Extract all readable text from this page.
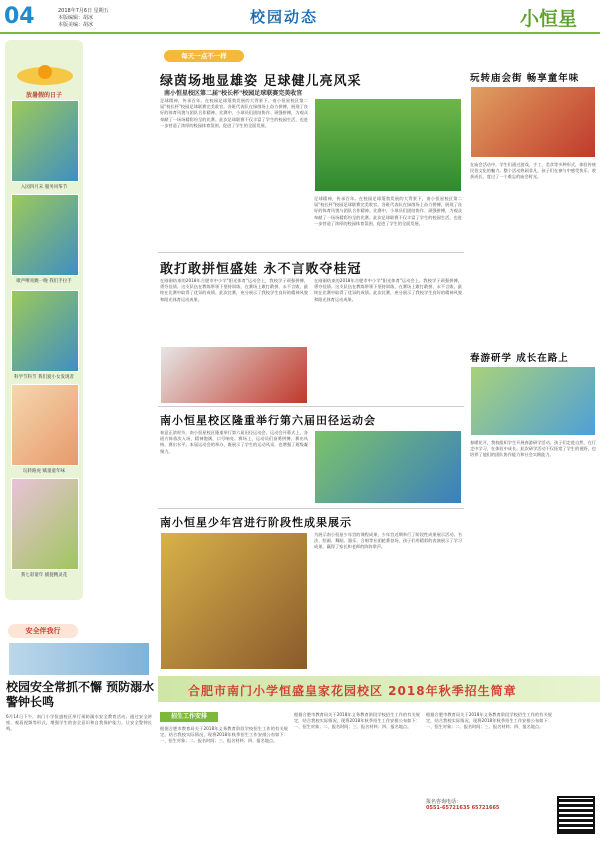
04	2018年7月6日 星期五
本版编辑：胡冰
本版美编：胡冰	校园动态	小恒星
放暑假的日子
入园四月末 服务风筝节
歌声嘹亮跳一晚 我们手拉手
科学节科节 我们爱小女发现者
玩转路虎 赋童童年味
我七彩童年 捕捉精灵花
安全伴我行
校园安全常抓不懈 预防溺水警钟长鸣
6月14日下午，南门小学恒盛校区举行预防溺水安全教育活动。通过安全讲座、观看视频等形式，增强学生的安全意识和自我保护能力，让安全警钟长鸣。
每天一点不一样
绿茵场地显雄姿 足球健儿亮风采
南小恒星校区第二届"校长杯"校园足球联赛完美收官
足球精神，传承百年。在校园足球蓬勃发展的大背景下，南小恒星校区第二届"校长杯"校园足球联赛完美收官。各班代表队在绿茵场上奋力拼搏，展现了良好的体育风貌与团队合作精神。比赛中，小球员们团结协作、顽强拼搏，为观众奉献了一场场精彩纷呈的比赛。此次足球联赛不仅丰富了学生的校园生活，也进一步营造了浓厚的校园体育氛围，促进了学生的全面发展。
足球精神，传承百年。在校园足球蓬勃发展的大背景下，南小恒星校区第二届"校长杯"校园足球联赛完美收官。各班代表队在绿茵场上奋力拼搏，展现了良好的体育风貌与团队合作精神。比赛中，小球员们团结协作、顽强拼搏，为观众奉献了一场场精彩纷呈的比赛。此次足球联赛不仅丰富了学生的校园生活，也进一步营造了浓厚的校园体育氛围，促进了学生的全面发展。
敢打敢拼恒盛娃 永不言败夺桂冠
在刚刚结束的2018年合肥市中小学"阳光体育"运动会上，我校学子顽强拼搏，勇夺佳绩。这支队伍在教练带领下坚持训练，在赛场上敢打敢拼、永不言败，最终在比赛中取得了优异的成绩。此次比赛，充分展示了我校学生良好的精神风貌和阳光体育运动成果。
在刚刚结束的2018年合肥市中小学"阳光体育"运动会上，我校学子顽强拼搏，勇夺佳绩。这支队伍在教练带领下坚持训练，在赛场上敢打敢拼、永不言败，最终在比赛中取得了优异的成绩。此次比赛，充分展示了我校学生良好的精神风貌和阳光体育运动成果。
南小恒星校区隆重举行第六届田径运动会
春意正浓时节，南小恒星校区隆重举行第六届田径运动会。运动会开幕式上，各班方阵依次入场，精神饱满，口号响亮。赛场上，运动员们奋勇拼搏，赛出风格、赛出水平。本届运动会的举办，既展示了学生的运动风采，也增强了班级凝聚力。
南小恒星少年宫进行阶段性成果展示
为展示南小恒星少年宫的课程成果，少年宫近期举行了阶段性成果展示活动。书法、绘画、舞蹈、器乐、合唱等社团轮番登场，孩子们用精彩的表演展示了学习成果，赢得了家长和老师的阵阵掌声。
玩转庙会街 畅享童年味
在庙会活动中，学生们通过游戏、手工、美食等多种形式，体验传统民俗文化的魅力。整个活动热闹非凡，孩子们在参与中感受快乐、收获成长，度过了一个难忘的庙会时光。
春游研学 成长在路上
春暖花开，我校组织学生开展春游研学活动。孩子们走进自然，在行走中学习，在体验中成长。此次研学活动不仅拓宽了学生的视野，也培养了他们的团队协作能力和社会实践能力。
合肥市南门小学恒盛皇家花园校区 2018年秋季招生简章
招生工作安排
根据合肥市教育局关于2018年义务教育阶段学校招生工作的有关规定，结合我校实际情况，现将2018年秋季招生工作安排公布如下：一、招生对象；二、报名时间；三、报名材料；四、报名地点。
根据合肥市教育局关于2018年义务教育阶段学校招生工作的有关规定，结合我校实际情况，现将2018年秋季招生工作安排公布如下：一、招生对象；二、报名时间；三、报名材料；四、报名地点。
根据合肥市教育局关于2018年义务教育阶段学校招生工作的有关规定，结合我校实际情况，现将2018年秋季招生工作安排公布如下：一、招生对象；二、报名时间；三、报名材料；四、报名地点。
报名咨询电话：
0551-65721635 65721665
